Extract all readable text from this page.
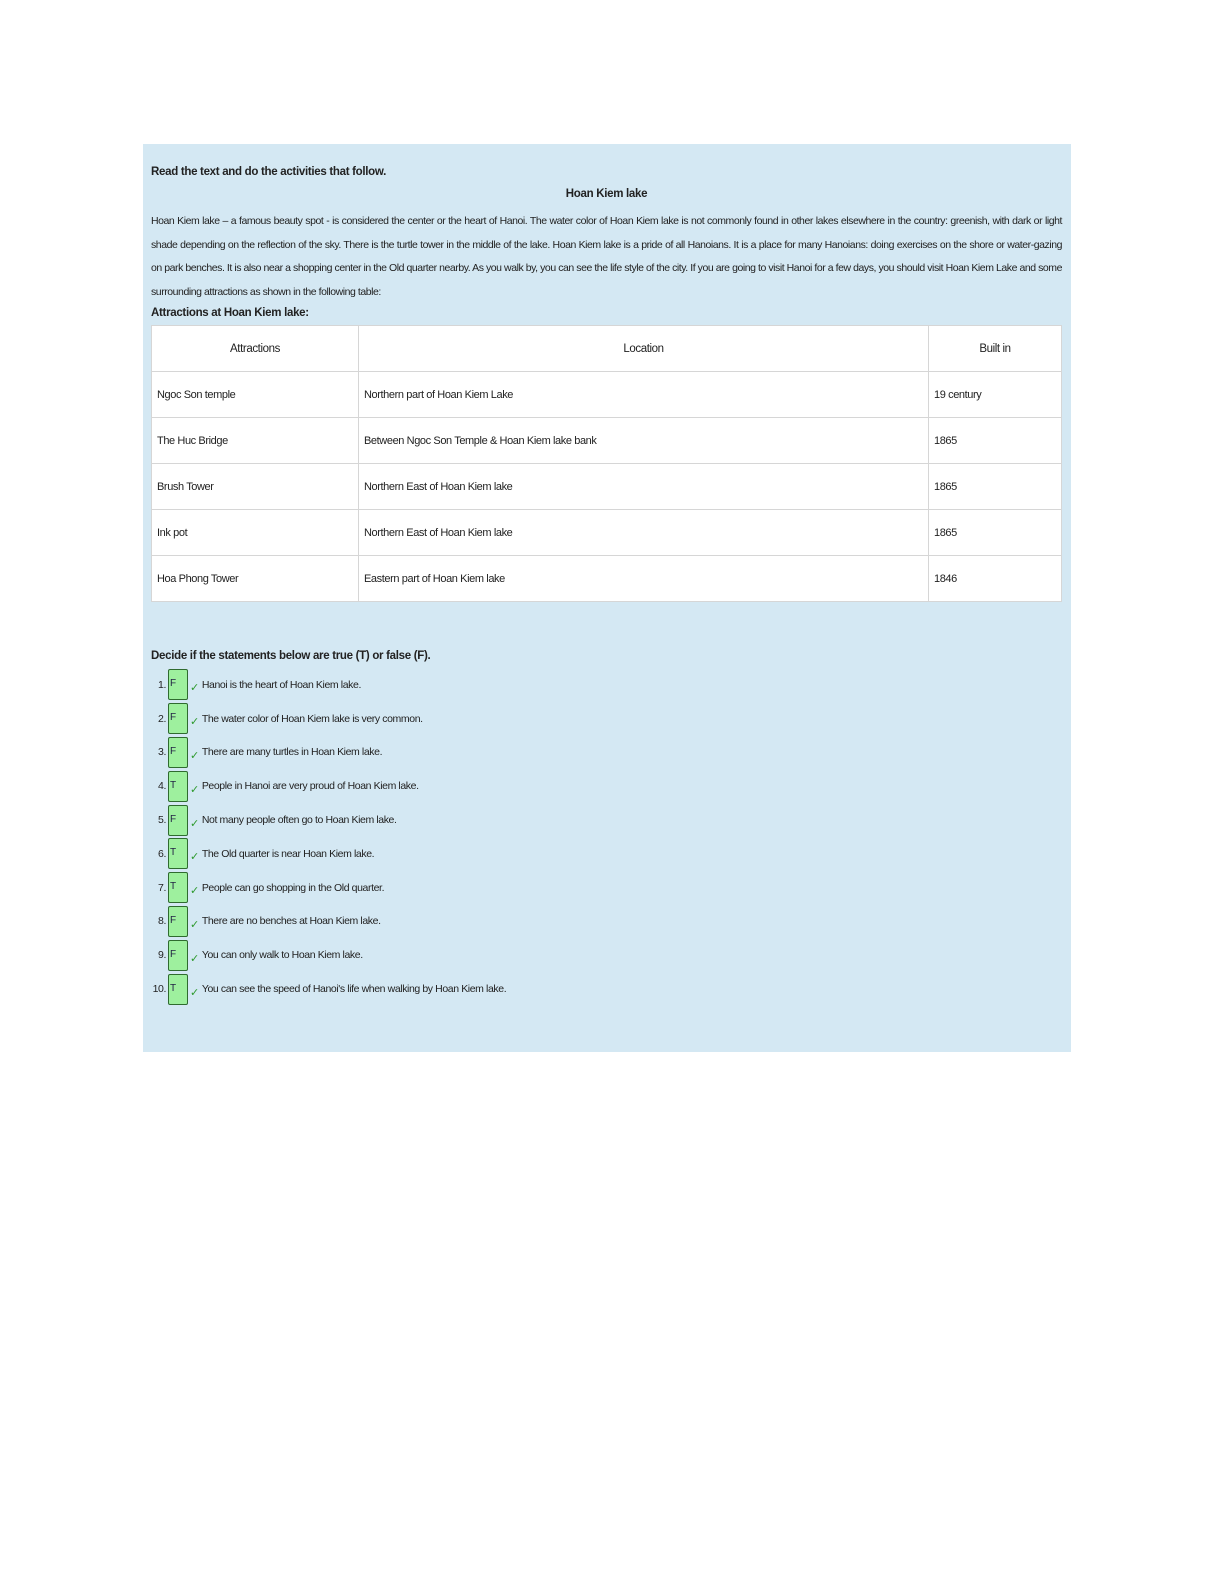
Read the text and do the activities that follow.
Hoan Kiem lake

Hoan Kiem lake – a famous beauty spot - is considered the center or the heart of Hanoi. The water color of Hoan Kiem lake is not commonly found in other lakes elsewhere in the country: greenish, with dark or light shade depending on the reflection of the sky. There is the turtle tower in the middle of the lake. Hoan Kiem lake is a pride of all Hanoians. It is a place for many Hanoians: doing exercises on the shore or water-gazing on park benches. It is also near a shopping center in the Old quarter nearby. As you walk by, you can see the life style of the city. If you are going to visit Hanoi for a few days, you should visit Hoan Kiem Lake and some surrounding attractions as shown in the following table:

Attractions at Hoan Kiem lake:
Attractions	Location	Built in
Ngoc Son temple	Northern part of Hoan Kiem Lake	19 century
The Huc Bridge	Between Ngoc Son Temple & Hoan Kiem lake bank	1865
Brush Tower	Northern East of Hoan Kiem lake	1865
Ink pot	Northern East of Hoan Kiem lake	1865
Hoa Phong Tower	Eastern part of Hoan Kiem lake	1846
Decide if the statements below are true (T) or false (F).
1. F	✓ Hanoi is the heart of Hoan Kiem lake.
2. F	✓ The water color of Hoan Kiem lake is very common.
3. F	✓ There are many turtles in Hoan Kiem lake.
4. T	✓ People in Hanoi are very proud of Hoan Kiem lake.
5. F	✓ Not many people often go to Hoan Kiem lake.
6. T	✓ The Old quarter is near Hoan Kiem lake.
7. T	✓ People can go shopping in the Old quarter.
8. F	✓ There are no benches at Hoan Kiem lake.
9. F	✓ You can only walk to Hoan Kiem lake.
10. T	✓ You can see the speed of Hanoi's life when walking by Hoan Kiem lake.
